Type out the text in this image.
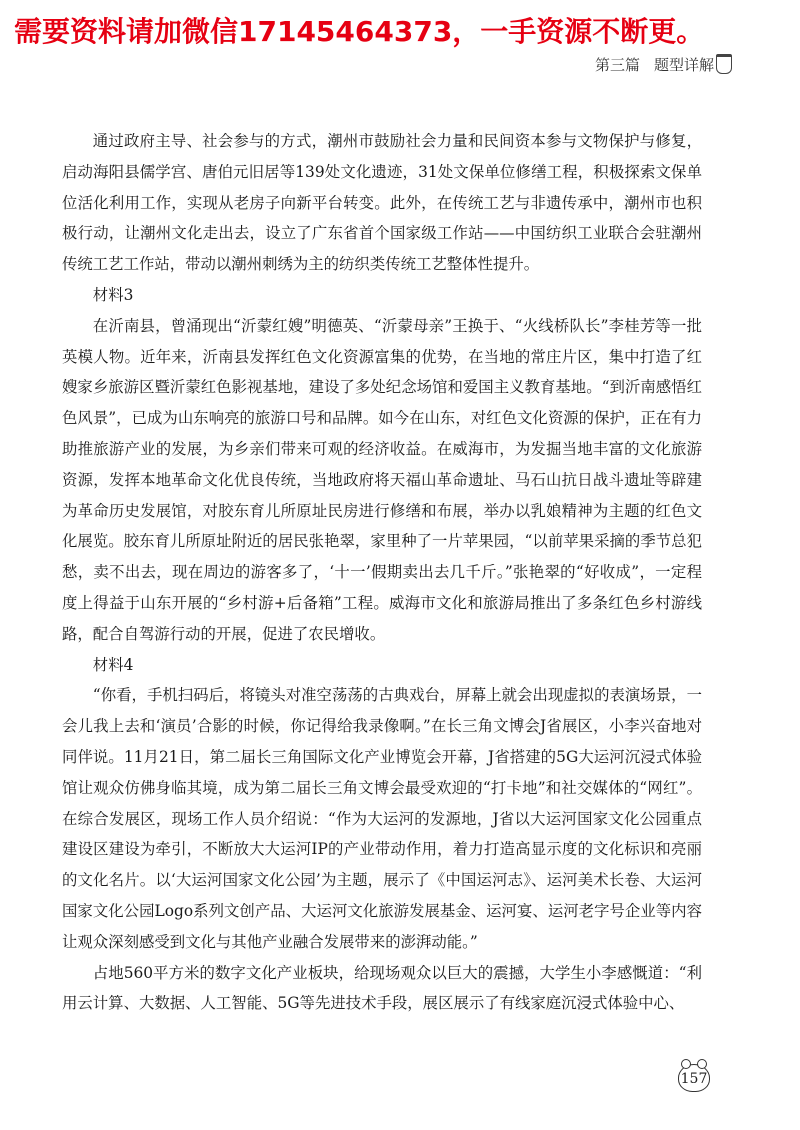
需要资料请加微信17145464373，一手资源不断更。
第三篇 题型详解

通过政府主导、社会参与的方式，潮州市鼓励社会力量和民间资本参与文物保护与修复，启动海阳县儒学宫、唐伯元旧居等139处文化遗迹，31处文保单位修缮工程，积极探索文保单位活化利用工作，实现从老房子向新平台转变。此外，在传统工艺与非遗传承中，潮州市也积极行动，让潮州文化走出去，设立了广东省首个国家级工作站——中国纺织工业联合会驻潮州传统工艺工作站，带动以潮州刺绣为主的纺织类传统工艺整体性提升。

材料3

在沂南县，曾涌现出“沂蒙红嫂”明德英、“沂蒙母亲”王换于、“火线桥队长”李桂芳等一批英模人物。近年来，沂南县发挥红色文化资源富集的优势，在当地的常庄片区，集中打造了红嫂家乡旅游区暨沂蒙红色影视基地，建设了多处纪念场馆和爱国主义教育基地。“到沂南感悟红色风景”，已成为山东响亮的旅游口号和品牌。如今在山东，对红色文化资源的保护，正在有力助推旅游产业的发展，为乡亲们带来可观的经济收益。在威海市，为发掘当地丰富的文化旅游资源，发挥本地革命文化优良传统，当地政府将天福山革命遗址、马石山抗日战斗遗址等辟建为革命历史发展馆，对胶东育儿所原址民房进行修缮和布展，举办以乳娘精神为主题的红色文化展览。胶东育儿所原址附近的居民张艳翠，家里种了一片苹果园，“以前苹果采摘的季节总犯愁，卖不出去，现在周边的游客多了，‘十一’假期卖出去几千斤。”张艳翠的“好收成”，一定程度上得益于山东开展的“乡村游+后备箱”工程。威海市文化和旅游局推出了多条红色乡村游线路，配合自驾游行动的开展，促进了农民增收。

材料4

“你看，手机扫码后，将镜头对准空荡荡的古典戏台，屏幕上就会出现虚拟的表演场景，一会儿我上去和‘演员’合影的时候，你记得给我录像啊。”在长三角文博会J省展区，小李兴奋地对同伴说。11月21日，第二届长三角国际文化产业博览会开幕，J省搭建的5G大运河沉浸式体验馆让观众仿佛身临其境，成为第二届长三角文博会最受欢迎的“打卡地”和社交媒体的“网红”。在综合发展区，现场工作人员介绍说：“作为大运河的发源地，J省以大运河国家文化公园重点建设区建设为牵引，不断放大大运河IP的产业带动作用，着力打造高显示度的文化标识和亮丽的文化名片。以‘大运河国家文化公园’为主题，展示了《中国运河志》、运河美术长卷、大运河国家文化公园Logo系列文创产品、大运河文化旅游发展基金、运河宴、运河老字号企业等内容让观众深刻感受到文化与其他产业融合发展带来的澎湃动能。”

占地560平方米的数字文化产业板块，给现场观众以巨大的震撼，大学生小李感慨道：“利用云计算、大数据、人工智能、5G等先进技术手段，展区展示了有线家庭沉浸式体验中心、

157
